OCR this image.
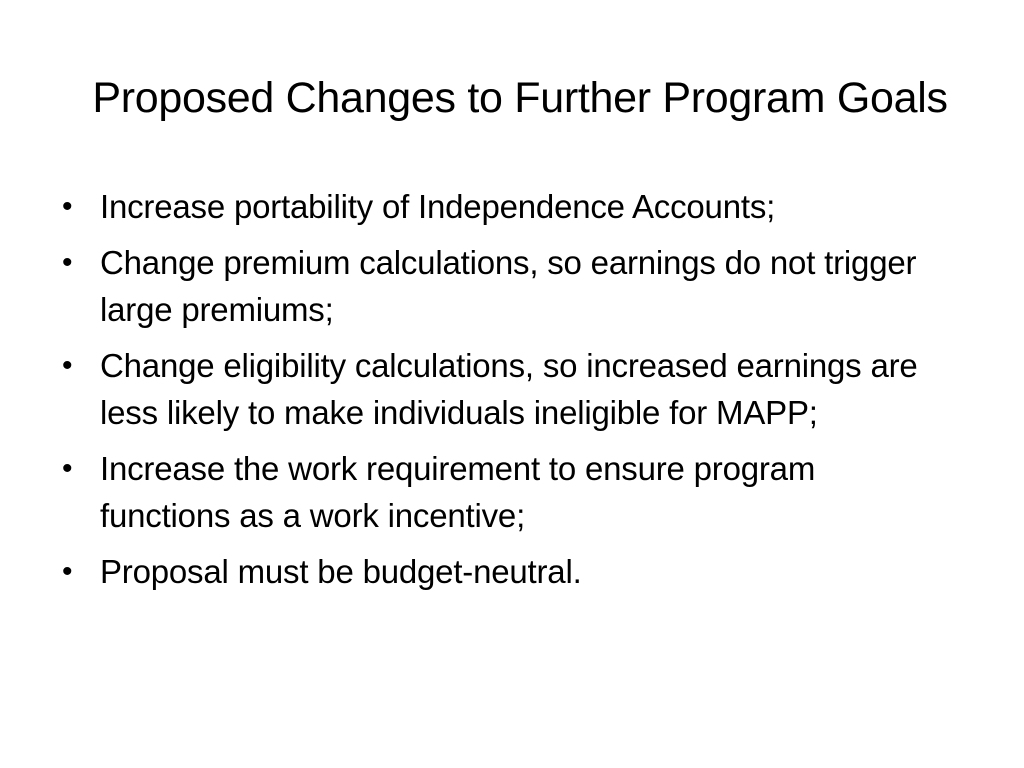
Proposed Changes to Further Program Goals
• Increase portability of Independence Accounts;
• Change premium calculations, so earnings do not trigger large premiums;
• Change eligibility calculations, so increased earnings are less likely to make individuals ineligible for MAPP;
• Increase the work requirement to ensure program functions as a work incentive;
• Proposal must be budget-neutral.
